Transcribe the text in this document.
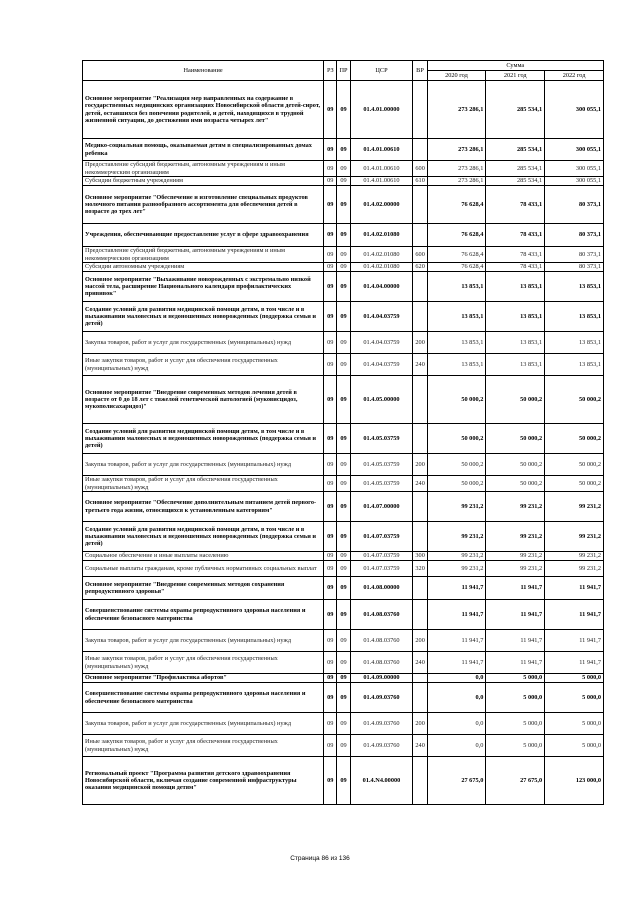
Наименование	РЗ	ПР	ЦСР	ВР	Сумма		
					2020 год	2021 год	2022 год
Основное мероприятие "Реализация мер направленных на содержание в государственных медицинских организациях Новосибирской области детей-сирот, детей, оставшихся без попечения родителей, и детей, находящихся в трудной жизненной ситуации, до достижения ими возраста четырех лет"	09	09	01.4.01.00000		273 286,1	285 534,1	300 055,1
Медико-социальная помощь, оказываемая детям в специализированных домах ребенка	09	09	01.4.01.00610		273 286,1	285 534,1	300 055,1
Предоставление субсидий бюджетным, автономным учреждениям и иным некоммерческим организациям	09	09	01.4.01.00610	600	273 286,1	285 534,1	300 055,1
Субсидии бюджетным учреждениям	09	09	01.4.01.00610	610	273 286,1	285 534,1	300 055,1
Основное мероприятие "Обеспечение и изготовление специальных продуктов молочного питания разнообразного ассортимента для обеспечения детей в возрасте до трех лет"	09	09	01.4.02.00000		76 628,4	78 433,1	80 373,1
Учреждения, обеспечивающие предоставление услуг в сфере здравоохранения	09	09	01.4.02.01080		76 628,4	78 433,1	80 373,1
Предоставление субсидий бюджетным, автономным учреждениям и иным некоммерческим организациям	09	09	01.4.02.01080	600	76 628,4	78 433,1	80 373,1
Субсидии автономным учреждениям	09	09	01.4.02.01080	620	76 628,4	78 433,1	80 373,1
Основное мероприятие "Выхаживание новорожденных с экстремально низкой массой тела, расширение Национального календаря профилактических прививок"	09	09	01.4.04.00000		13 853,1	13 853,1	13 853,1
Создание условий для развития медицинской помощи детям, в том числе и в выхаживании маловесных и недоношенных новорожденных (поддержка семьи и детей)	09	09	01.4.04.03759		13 853,1	13 853,1	13 853,1
Закупка товаров, работ и услуг для государственных (муниципальных) нужд	09	09	01.4.04.03759	200	13 853,1	13 853,1	13 853,1
Иные закупки товаров, работ и услуг для обеспечения государственных (муниципальных) нужд	09	09	01.4.04.03759	240	13 853,1	13 853,1	13 853,1
Основное мероприятие "Внедрение современных методов лечения детей в возрасте от 0 до 18 лет с тяжелой генетической патологией (муковисцидоз, мукополисахаридоз)"	09	09	01.4.05.00000		50 000,2	50 000,2	50 000,2
Создание условий для развития медицинской помощи детям, в том числе и в выхаживании маловесных и недоношенных новорожденных (поддержка семьи и детей)	09	09	01.4.05.03759		50 000,2	50 000,2	50 000,2
Закупка товаров, работ и услуг для государственных (муниципальных) нужд	09	09	01.4.05.03759	200	50 000,2	50 000,2	50 000,2
Иные закупки товаров, работ и услуг для обеспечения государственных (муниципальных) нужд	09	09	01.4.05.03759	240	50 000,2	50 000,2	50 000,2
Основное мероприятие "Обеспечение дополнительным питанием детей первого-третьего года жизни, относящихся к установленным категориям"	09	09	01.4.07.00000		99 231,2	99 231,2	99 231,2
Создание условий для развития медицинской помощи детям, в том числе и в выхаживании маловесных и недоношенных новорожденных (поддержка семьи и детей)	09	09	01.4.07.03759		99 231,2	99 231,2	99 231,2
Социальное обеспечение и иные выплаты населению	09	09	01.4.07.03759	300	99 231,2	99 231,2	99 231,2
Социальные выплаты гражданам, кроме публичных нормативных социальных выплат	09	09	01.4.07.03759	320	99 231,2	99 231,2	99 231,2
Основное мероприятие "Внедрение современных методов сохранения репродуктивного здоровья"	09	09	01.4.08.00000		11 941,7	11 941,7	11 941,7
Совершенствование системы охраны репродуктивного здоровья населения и обеспечение безопасного материнства	09	09	01.4.08.03760		11 941,7	11 941,7	11 941,7
Закупка товаров, работ и услуг для государственных (муниципальных) нужд	09	09	01.4.08.03760	200	11 941,7	11 941,7	11 941,7
Иные закупки товаров, работ и услуг для обеспечения государственных (муниципальных) нужд	09	09	01.4.08.03760	240	11 941,7	11 941,7	11 941,7
Основное мероприятие "Профилактика абортов"	09	09	01.4.09.00000		0,0	5 000,0	5 000,0
Совершенствование системы охраны репродуктивного здоровья населения и обеспечение безопасного материнства	09	09	01.4.09.03760		0,0	5 000,0	5 000,0
Закупка товаров, работ и услуг для государственных (муниципальных) нужд	09	09	01.4.09.03760	200	0,0	5 000,0	5 000,0
Иные закупки товаров, работ и услуг для обеспечения государственных (муниципальных) нужд	09	09	01.4.09.03760	240	0,0	5 000,0	5 000,0
Региональный проект "Программа развития детского здравоохранения Новосибирской области, включая создание современной инфраструктуры оказания медицинской помощи детям"	09	09	01.4.N4.00000		27 675,0	27 675,0	123 000,0
Страница 86 из 136
